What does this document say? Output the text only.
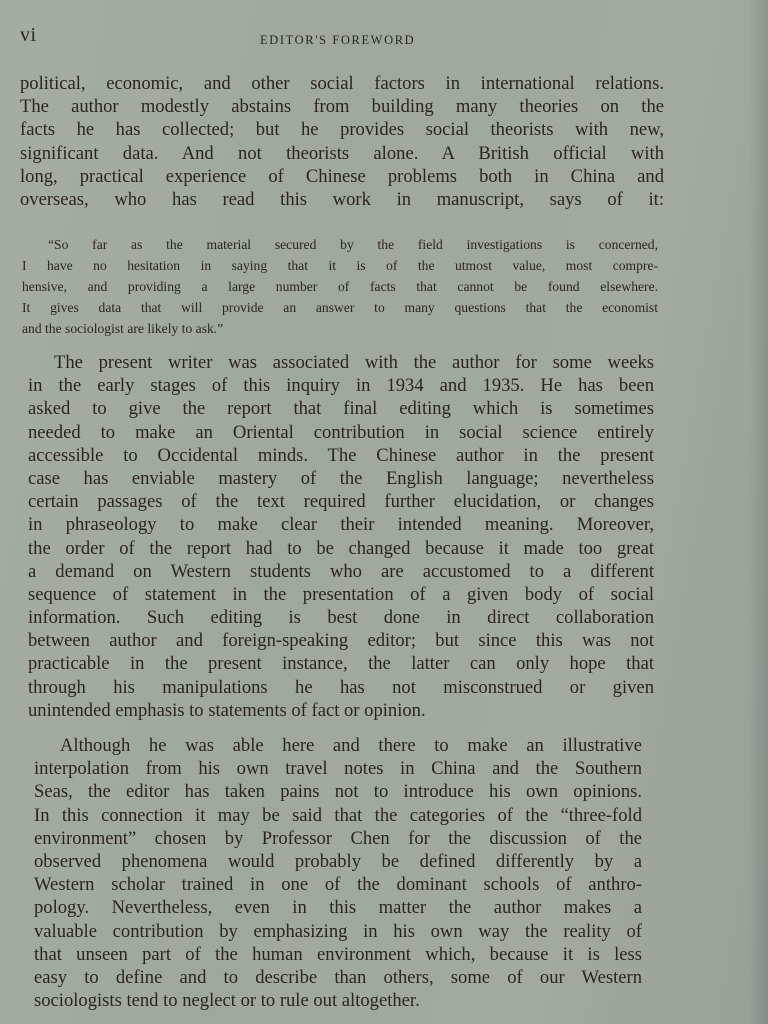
vi	EDITOR'S FOREWORD
political, economic, and other social factors in international relations.
The author modestly abstains from building many theories on the
facts he has collected; but he provides social theorists with new,
significant data. And not theorists alone. A British official with
long, practical experience of Chinese problems both in China and
overseas, who has read this work in manuscript, says of it:
“So far as the material secured by the field investigations is concerned,
I have no hesitation in saying that it is of the utmost value, most compre-
hensive, and providing a large number of facts that cannot be found elsewhere.
It gives data that will provide an answer to many questions that the economist
and the sociologist are likely to ask.”
The present writer was associated with the author for some weeks
in the early stages of this inquiry in 1934 and 1935. He has been
asked to give the report that final editing which is sometimes
needed to make an Oriental contribution in social science entirely
accessible to Occidental minds. The Chinese author in the present
case has enviable mastery of the English language; nevertheless
certain passages of the text required further elucidation, or changes
in phraseology to make clear their intended meaning. Moreover,
the order of the report had to be changed because it made too great
a demand on Western students who are accustomed to a different
sequence of statement in the presentation of a given body of social
information. Such editing is best done in direct collaboration
between author and foreign-speaking editor; but since this was not
practicable in the present instance, the latter can only hope that
through his manipulations he has not misconstrued or given
unintended emphasis to statements of fact or opinion.
Although he was able here and there to make an illustrative
interpolation from his own travel notes in China and the Southern
Seas, the editor has taken pains not to introduce his own opinions.
In this connection it may be said that the categories of the “three-fold
environment” chosen by Professor Chen for the discussion of the
observed phenomena would probably be defined differently by a
Western scholar trained in one of the dominant schools of anthro-
pology. Nevertheless, even in this matter the author makes a
valuable contribution by emphasizing in his own way the reality of
that unseen part of the human environment which, because it is less
easy to define and to describe than others, some of our Western
sociologists tend to neglect or to rule out altogether.
